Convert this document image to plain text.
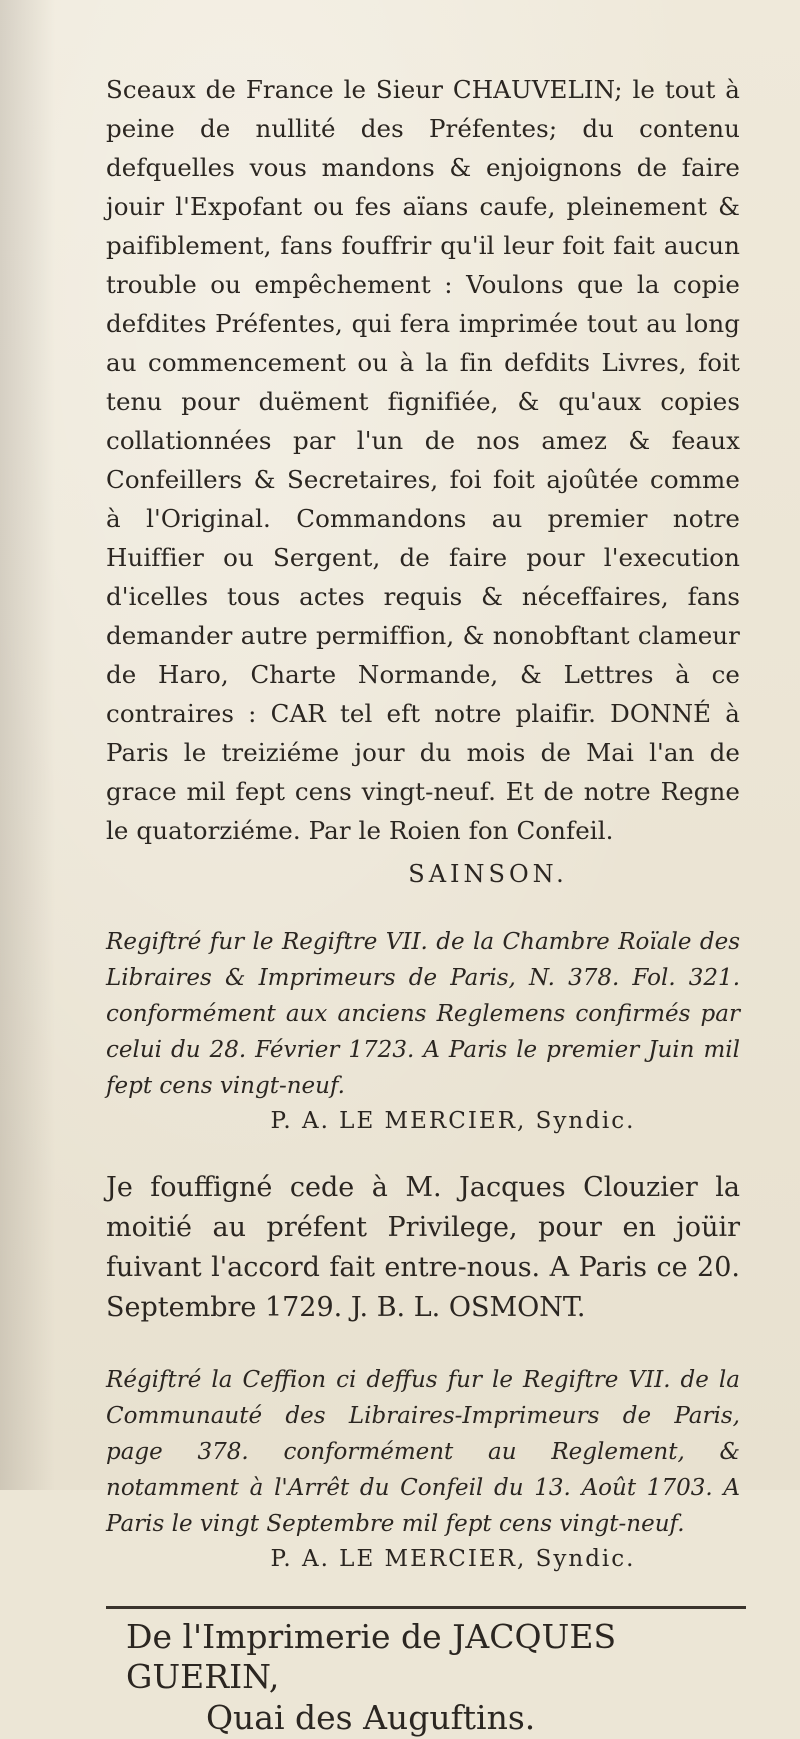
Sceaux de France le Sieur CHAUVELIN; le tout à peine de nullité des Préfentes; du contenu defquelles vous mandons & enjoignons de faire jouir l'Expofant ou fes aïans caufe, pleinement & paifiblement, fans fouffrir qu'il leur foit fait aucun trouble ou empêchement : Voulons que la copie defdites Préfentes, qui fera imprimée tout au long au commencement ou à la fin defdits Livres, foit tenu pour duëment fignifiée, & qu'aux copies collationnées par l'un de nos amez & feaux Confeillers & Secretaires, foi foit ajoûtée comme à l'Original. Commandons au premier notre Huiffier ou Sergent, de faire pour l'execution d'icelles tous actes requis & néceffaires, fans demander autre permiffion, & nonobftant clameur de Haro, Charte Normande, & Lettres à ce contraires : CAR tel eft notre plaifir. DONNÉ à Paris le treiziéme jour du mois de Mai l'an de grace mil fept cens vingt-neuf. Et de notre Regne le quatorziéme. Par le Roien fon Confeil.

SAINSON.

Regiftré fur le Regiftre VII. de la Chambre Roïale des Libraires & Imprimeurs de Paris, N. 378. Fol. 321. conformément aux anciens Reglemens confirmés par celui du 28. Février 1723. A Paris le premier Juin mil fept cens vingt-neuf.

P. A. LE MERCIER, Syndic.

Je fouffigné cede à M. Jacques Clouzier la moitié au préfent Privilege, pour en joüir fuivant l'accord fait entre-nous. A Paris ce 20. Septembre 1729. J. B. L. OSMONT.

Régiftré la Ceffion ci deffus fur le Regiftre VII. de la Communauté des Libraires-Imprimeurs de Paris, page 378. conformément au Reglement, & notamment à l'Arrêt du Confeil du 13. Août 1703. A Paris le vingt Septembre mil fept cens vingt-neuf.

P. A. LE MERCIER, Syndic.

De l'Imprimerie de JACQUES GUERIN,

Quai des Auguftins.
